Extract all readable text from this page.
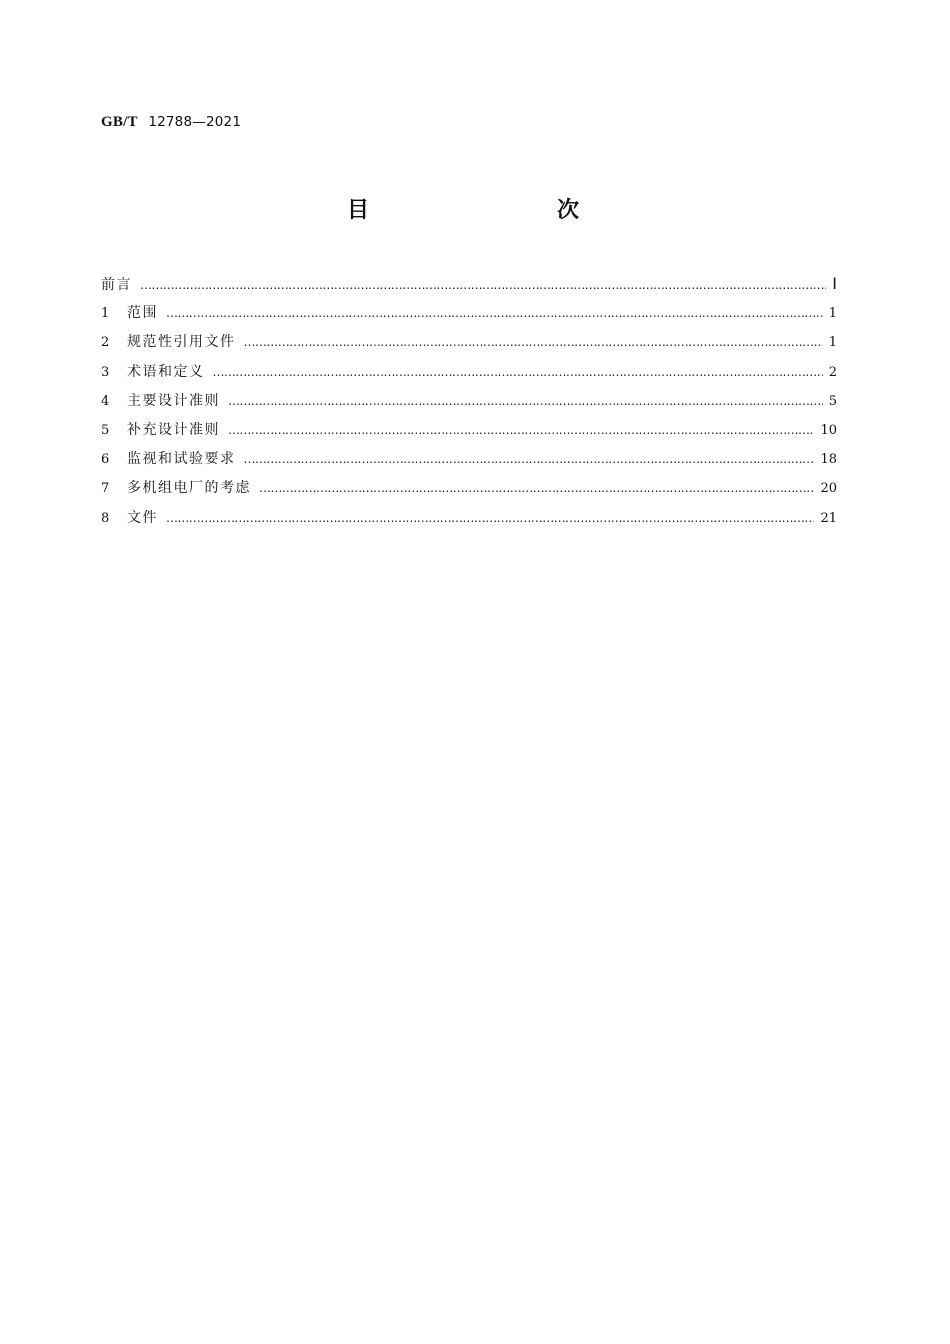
GB/T 12788—2021
目　　次
前言 ……………………………………………………………………………………………………………………………………………………………………………………………………………………	Ⅰ
1	范围 ……………………………………………………………………………………………………………………………………………………………………………………………………………………	1
2	规范性引用文件 ……………………………………………………………………………………………………………………………………………………………………………………………………………………	1
3	术语和定义 ……………………………………………………………………………………………………………………………………………………………………………………………………………………	2
4	主要设计准则 ……………………………………………………………………………………………………………………………………………………………………………………………………………………	5
5	补充设计准则 ……………………………………………………………………………………………………………………………………………………………………………………………………………………	10
6	监视和试验要求 ……………………………………………………………………………………………………………………………………………………………………………………………………………………	18
7	多机组电厂的考虑 ……………………………………………………………………………………………………………………………………………………………………………………………………………………	20
8	文件 ……………………………………………………………………………………………………………………………………………………………………………………………………………………	21
